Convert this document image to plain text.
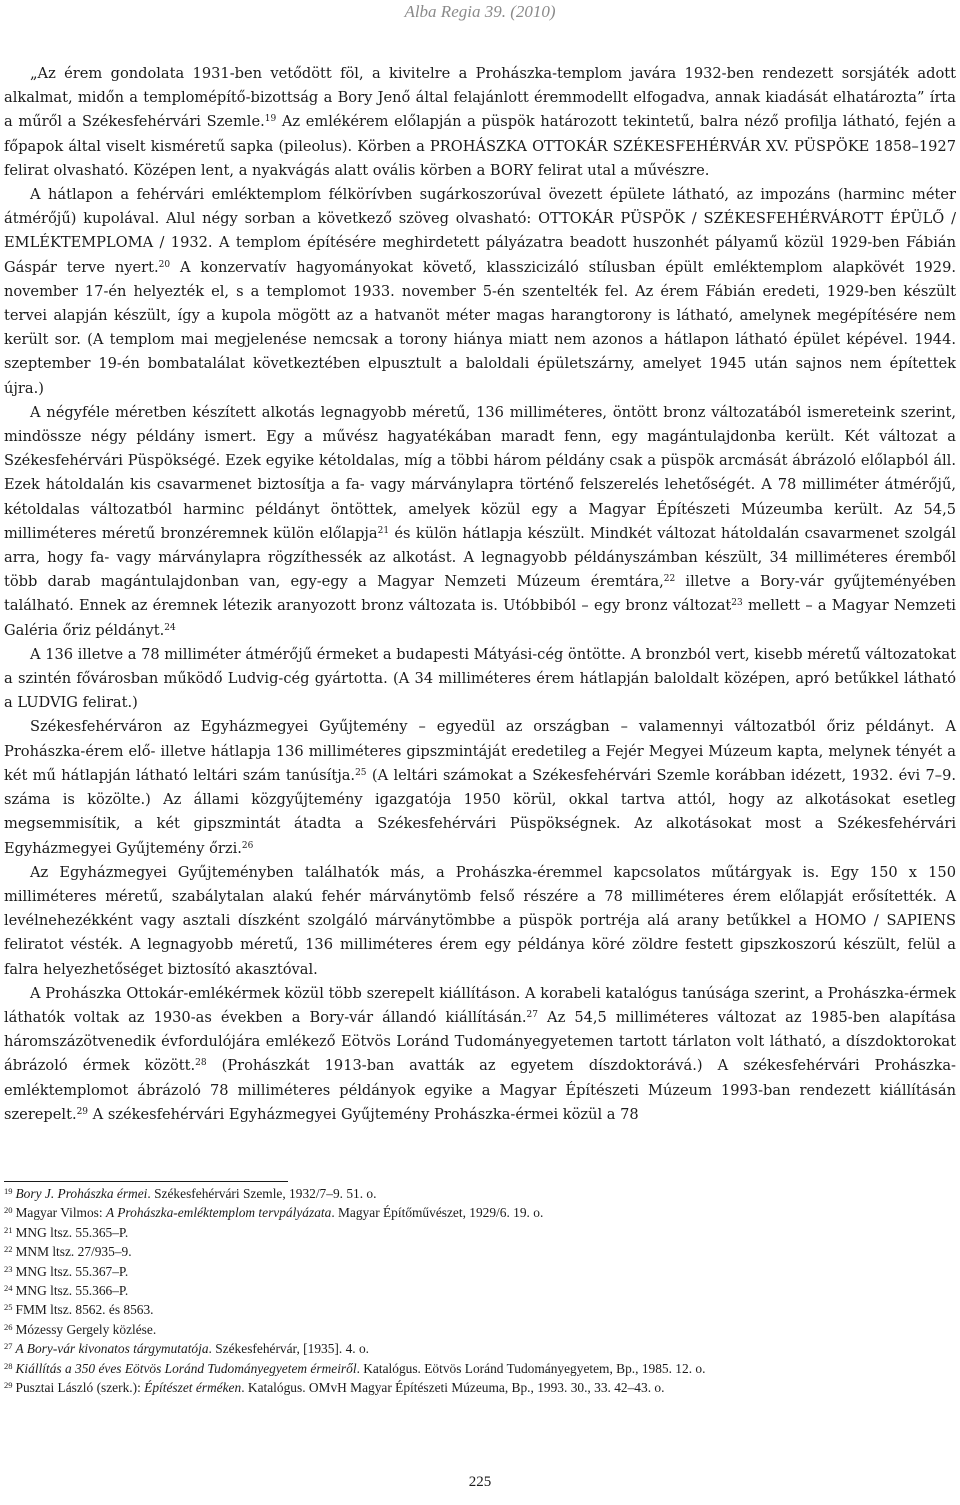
Alba Regia 39. (2010)

„Az érem gondolata 1931-ben vetődött föl, a kivitelre a Prohászka-templom javára 1932-ben rendezett sorsjáték adott alkalmat, midőn a templomépítő-bizottság a Bory Jenő által felajánlott éremmodellt elfogadva, annak kiadását elhatározta” írta a műről a Székesfehérvári Szemle.$^{19}$ Az emlékérem előlapján a püspök határozott tekintetű, balra néző profilja látható, fején a főpapok által viselt kisméretű sapka (pileolus). Körben a PROHÁSZKA OTTOKÁR SZÉKESFEHÉRVÁR XV. PÜSPÖKE 1858–1927 felirat olvasható. Középen lent, a nyakvágás alatt ovális körben a BORY felirat utal a művészre.

A hátlapon a fehérvári emléktemplom félkörívben sugárkoszorúval övezett épülete látható, az impozáns (harminc méter átmérőjű) kupolával. Alul négy sorban a következő szöveg olvasható: OTTOKÁR PÜSPÖK / SZÉKESFEHÉRVÁROTT ÉPÜLŐ / EMLÉKTEMPLOMA / 1932. A templom építésére meghirdetett pályázatra beadott huszonhét pályamű közül 1929-ben Fábián Gáspár terve nyert.$^{20}$ A konzervatív hagyományokat követő, klasszicizáló stílusban épült emléktemplom alapkövét 1929. november 17-én helyezték el, s a templomot 1933. november 5-én szentelték fel. Az érem Fábián eredeti, 1929-ben készült tervei alapján készült, így a kupola mögött az a hatvanöt méter magas harangtorony is látható, amelynek megépítésére nem került sor. (A templom mai megjelenése nemcsak a torony hiánya miatt nem azonos a hátlapon látható épület képével. 1944. szeptember 19-én bombatalálat következtében elpusztult a baloldali épületszárny, amelyet 1945 után sajnos nem építettek újra.)

A négyféle méretben készített alkotás legnagyobb méretű, 136 milliméteres, öntött bronz változatából ismereteink szerint, mindössze négy példány ismert. Egy a művész hagyatékában maradt fenn, egy magántulajdonba került. Két változat a Székesfehérvári Püspökségé. Ezek egyike kétoldalas, míg a többi három példány csak a püspök arcmását ábrázoló előlapból áll. Ezek hátoldalán kis csavarmenet biztosítja a fa- vagy márványlapra történő felszerelés lehetőségét. A 78 milliméter átmérőjű, kétoldalas változatból harminc példányt öntöttek, amelyek közül egy a Magyar Építészeti Múzeumba került. Az 54,5 milliméteres méretű bronzéremnek külön előlapja$^{21}$ és külön hátlapja készült. Mindkét változat hátoldalán csavarmenet szolgál arra, hogy fa- vagy márványlapra rögzíthessék az alkotást. A legnagyobb példányszámban készült, 34 milliméteres éremből több darab magántulajdonban van, egy-egy a Magyar Nemzeti Múzeum éremtára,$^{22}$ illetve a Bory-vár gyűjteményében található. Ennek az éremnek létezik aranyozott bronz változata is. Utóbbiból – egy bronz változat$^{23}$ mellett – a Magyar Nemzeti Galéria őriz példányt.$^{24}$

A 136 illetve a 78 milliméter átmérőjű érmeket a budapesti Mátyási-cég öntötte. A bronzból vert, kisebb méretű változatokat a szintén fővárosban működő Ludvig-cég gyártotta. (A 34 milliméteres érem hátlapján baloldalt középen, apró betűkkel látható a LUDVIG felirat.)

Székesfehérváron az Egyházmegyei Gyűjtemény – egyedül az országban – valamennyi változatból őriz példányt. A Prohászka-érem elő- illetve hátlapja 136 milliméteres gipszmintáját eredetileg a Fejér Megyei Múzeum kapta, melynek tényét a két mű hátlapján látható leltári szám tanúsítja.$^{25}$ (A leltári számokat a Székesfehérvári Szemle korábban idézett, 1932. évi 7–9. száma is közölte.) Az állami közgyűjtemény igazgatója 1950 körül, okkal tartva attól, hogy az alkotásokat esetleg megsemmisítik, a két gipszmintát átadta a Székesfehérvári Püspökségnek. Az alkotásokat most a Székesfehérvári Egyházmegyei Gyűjtemény őrzi.$^{26}$

Az Egyházmegyei Gyűjteményben találhatók más, a Prohászka-éremmel kapcsolatos műtárgyak is. Egy 150 x 150 milliméteres méretű, szabálytalan alakú fehér márványtömb felső részére a 78 milliméteres érem előlapját erősítették. A levélnehezékként vagy asztali díszként szolgáló márványtömbbe a püspök portréja alá arany betűkkel a HOMO / SAPIENS feliratot vésték. A legnagyobb méretű, 136 milliméteres érem egy példánya köré zöldre festett gipszkoszorú készült, felül a falra helyezhetőséget biztosító akasztóval.

A Prohászka Ottokár-emlékérmek közül több szerepelt kiállításon. A korabeli katalógus tanúsága szerint, a Prohászka-érmek láthatók voltak az 1930-as években a Bory-vár állandó kiállításán.$^{27}$ Az 54,5 milliméteres változat az 1985-ben alapítása háromszázötvenedik évfordulójára emlékező Eötvös Loránd Tudományegyetemen tartott tárlaton volt látható, a díszdoktorokat ábrázoló érmek között.$^{28}$ (Prohászkát 1913-ban avatták az egyetem díszdoktorává.) A székesfehérvári Prohászka-emléktemplomot ábrázoló 78 milliméteres példányok egyike a Magyar Építészeti Múzeum 1993-ban rendezett kiállításán szerepelt.$^{29}$ A székesfehérvári Egyházmegyei Gyűjtemény Prohászka-érmei közül a 78

$^{19}$ Bory J. Prohászka érmei. Székesfehérvári Szemle, 1932/7–9. 51. o.
$^{20}$ Magyar Vilmos: A Prohászka-emléktemplom tervpályázata. Magyar Építőművészet, 1929/6. 19. o.
$^{21}$ MNG ltsz. 55.365–P.
$^{22}$ MNM ltsz. 27/935–9.
$^{23}$ MNG ltsz. 55.367–P.
$^{24}$ MNG ltsz. 55.366–P.
$^{25}$ FMM ltsz. 8562. és 8563.
$^{26}$ Mózessy Gergely közlése.
$^{27}$ A Bory-vár kivonatos tárgymutatója. Székesfehérvár, [1935]. 4. o.
$^{28}$ Kiállítás a 350 éves Eötvös Loránd Tudományegyetem érmeiről. Katalógus. Eötvös Loránd Tudományegyetem, Bp., 1985. 12. o.
$^{29}$ Pusztai László (szerk.): Építészet érméken. Katalógus. OMvH Magyar Építészeti Múzeuma, Bp., 1993. 30., 33. 42–43. o.
225
